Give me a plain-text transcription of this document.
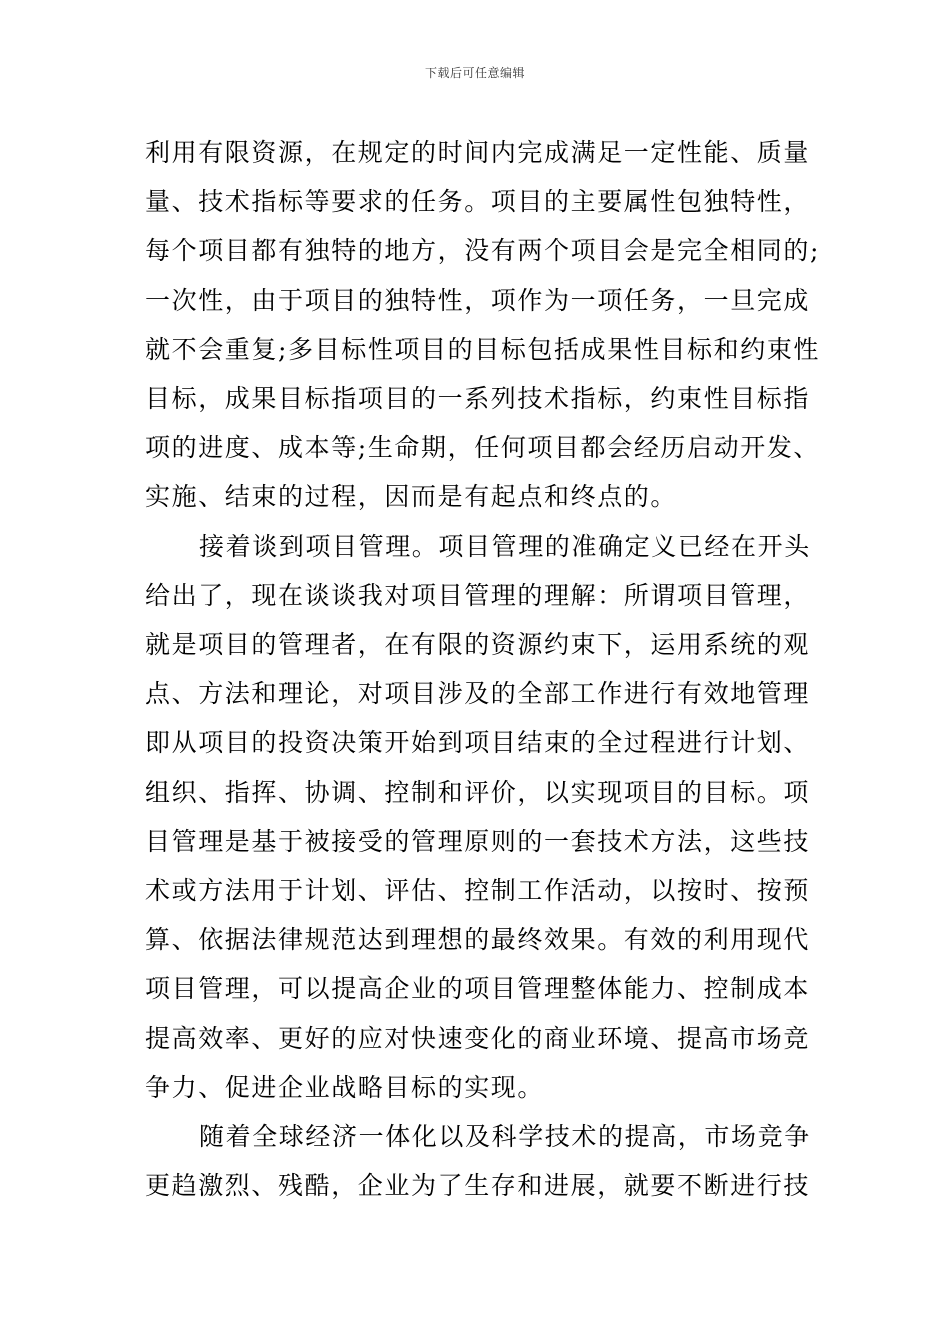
下载后可任意编辑
利用有限资源，在规定的时间内完成满足一定性能、质量
量、技术指标等要求的任务。项目的主要属性包独特性，
每个项目都有独特的地方，没有两个项目会是完全相同的;
一次性，由于项目的独特性，项作为一项任务，一旦完成
就不会重复;多目标性项目的目标包括成果性目标和约束性
目标，成果目标指项目的一系列技术指标，约束性目标指
项的进度、成本等;生命期，任何项目都会经历启动开发、
实施、结束的过程，因而是有起点和终点的。
接着谈到项目管理。项目管理的准确定义已经在开头
给出了，现在谈谈我对项目管理的理解：所谓项目管理，
就是项目的管理者，在有限的资源约束下，运用系统的观
点、方法和理论，对项目涉及的全部工作进行有效地管理
即从项目的投资决策开始到项目结束的全过程进行计划、
组织、指挥、协调、控制和评价，以实现项目的目标。项
目管理是基于被接受的管理原则的一套技术方法，这些技
术或方法用于计划、评估、控制工作活动，以按时、按预
算、依据法律规范达到理想的最终效果。有效的利用现代
项目管理，可以提高企业的项目管理整体能力、控制成本
提高效率、更好的应对快速变化的商业环境、提高市场竞
争力、促进企业战略目标的实现。
随着全球经济一体化以及科学技术的提高，市场竞争
更趋激烈、残酷，企业为了生存和进展，就要不断进行技
